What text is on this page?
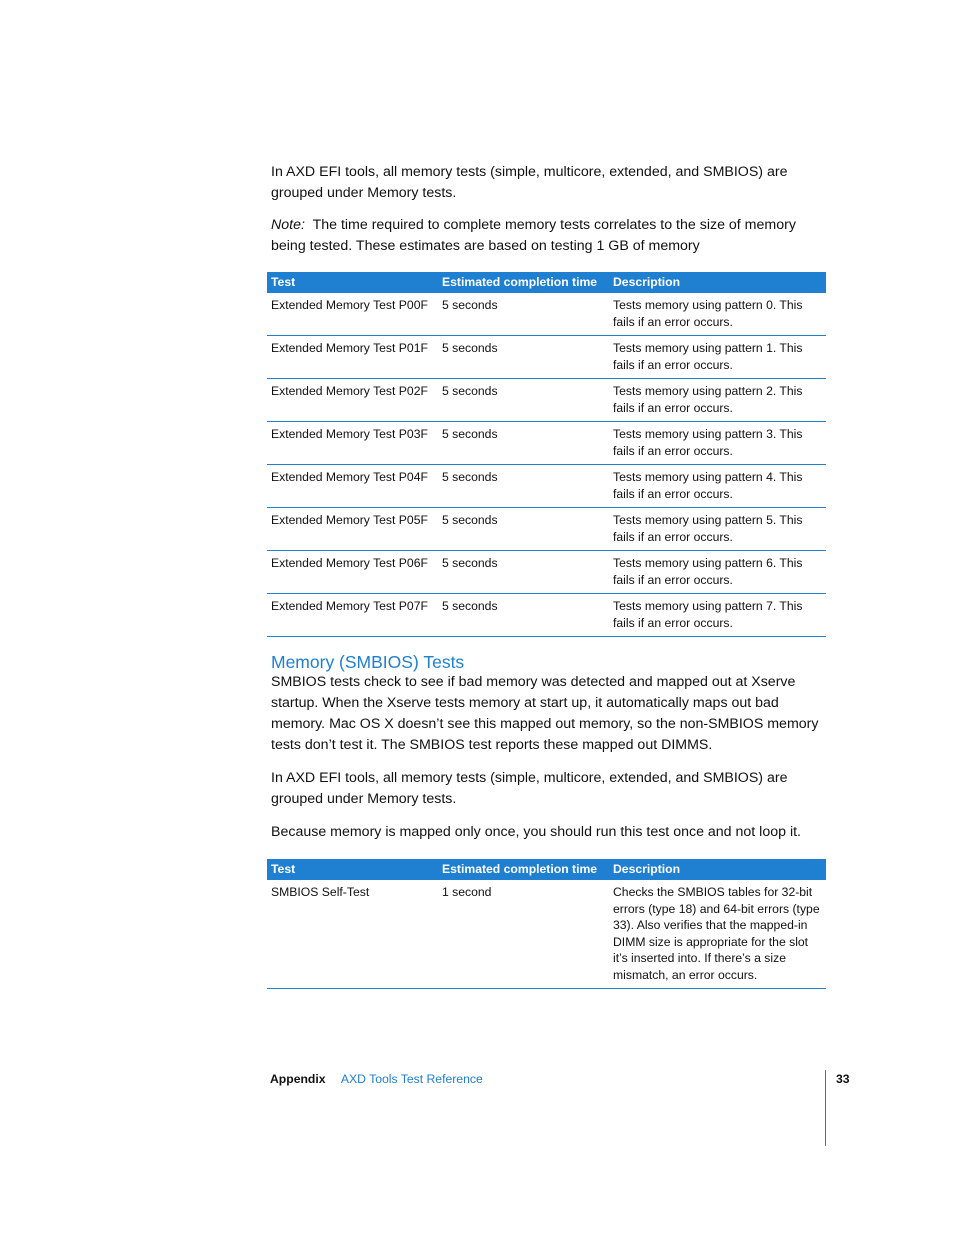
In AXD EFI tools, all memory tests (simple, multicore, extended, and SMBIOS) are grouped under Memory tests.

Note: The time required to complete memory tests correlates to the size of memory being tested. These estimates are based on testing 1 GB of memory

Test	Estimated completion time	Description
Extended Memory Test P00F	5 seconds	Tests memory using pattern 0. This fails if an error occurs.
Extended Memory Test P01F	5 seconds	Tests memory using pattern 1. This fails if an error occurs.
Extended Memory Test P02F	5 seconds	Tests memory using pattern 2. This fails if an error occurs.
Extended Memory Test P03F	5 seconds	Tests memory using pattern 3. This fails if an error occurs.
Extended Memory Test P04F	5 seconds	Tests memory using pattern 4. This fails if an error occurs.
Extended Memory Test P05F	5 seconds	Tests memory using pattern 5. This fails if an error occurs.
Extended Memory Test P06F	5 seconds	Tests memory using pattern 6. This fails if an error occurs.
Extended Memory Test P07F	5 seconds	Tests memory using pattern 7. This fails if an error occurs.
Memory (SMBIOS) Tests

SMBIOS tests check to see if bad memory was detected and mapped out at Xserve startup. When the Xserve tests memory at start up, it automatically maps out bad memory. Mac OS X doesn’t see this mapped out memory, so the non-SMBIOS memory tests don’t test it. The SMBIOS test reports these mapped out DIMMS.

In AXD EFI tools, all memory tests (simple, multicore, extended, and SMBIOS) are grouped under Memory tests.

Because memory is mapped only once, you should run this test once and not loop it.

Test	Estimated completion time	Description
SMBIOS Self-Test	1 second	Checks the SMBIOS tables for 32-bit errors (type 18) and 64-bit errors (type 33). Also verifies that the mapped-in DIMM size is appropriate for the slot it’s inserted into. If there’s a size mismatch, an error occurs.
Appendix AXD Tools Test Reference	33
